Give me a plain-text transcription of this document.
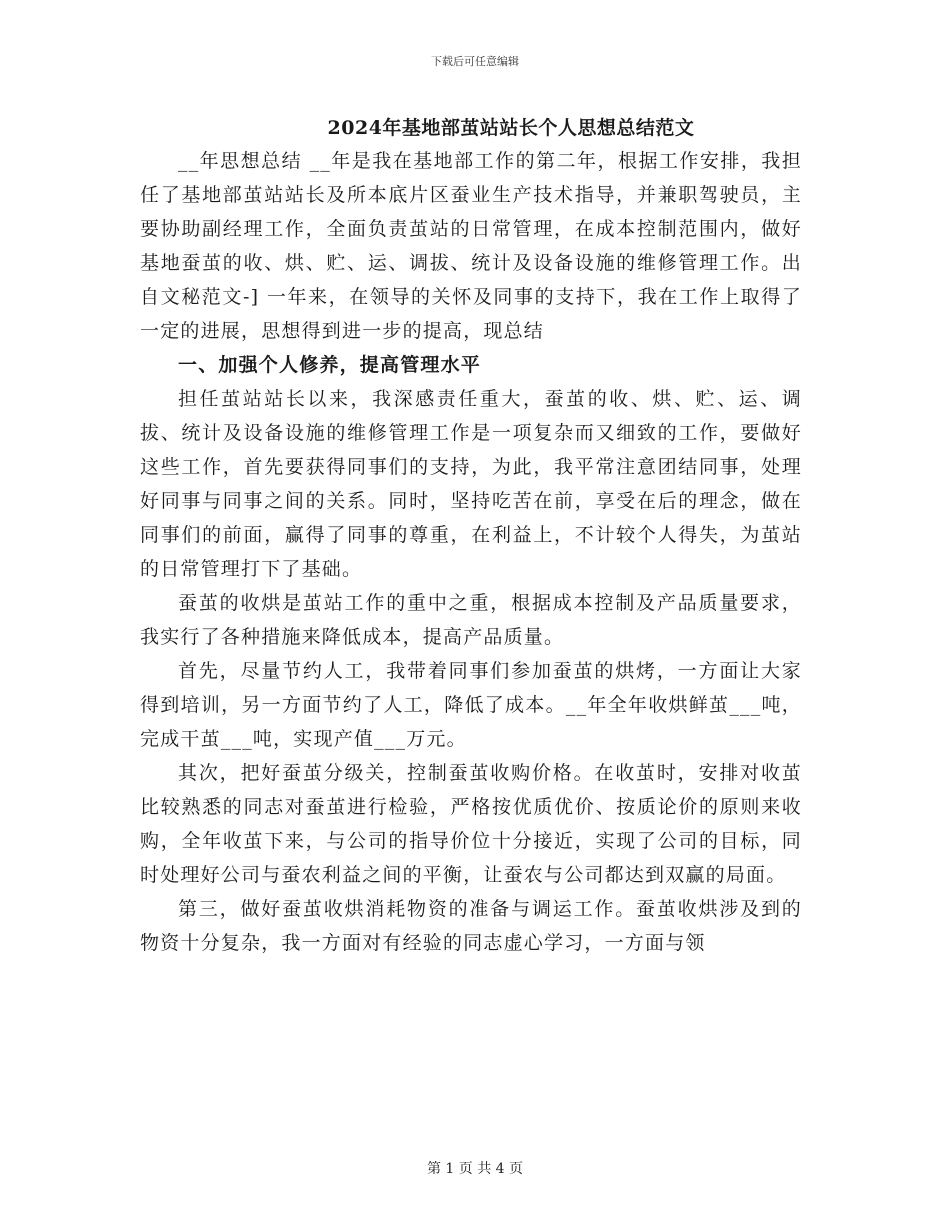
下载后可任意编辑
2024年基地部茧站站长个人思想总结范文

__年思想总结 __年是我在基地部工作的第二年，根据工作安排，我担任了基地部茧站站长及所本底片区蚕业生产技术指导，并兼职驾驶员，主要协助副经理工作，全面负责茧站的日常管理，在成本控制范围内，做好基地蚕茧的收、烘、贮、运、调拔、统计及设备设施的维修管理工作。出自文秘范文-] 一年来，在领导的关怀及同事的支持下，我在工作上取得了一定的进展，思想得到进一步的提高，现总结

一、加强个人修养，提高管理水平

担任茧站站长以来，我深感责任重大，蚕茧的收、烘、贮、运、调拔、统计及设备设施的维修管理工作是一项复杂而又细致的工作，要做好这些工作，首先要获得同事们的支持，为此，我平常注意团结同事，处理好同事与同事之间的关系。同时，坚持吃苦在前，享受在后的理念，做在同事们的前面，赢得了同事的尊重，在利益上，不计较个人得失，为茧站的日常管理打下了基础。

蚕茧的收烘是茧站工作的重中之重，根据成本控制及产品质量要求，我实行了各种措施来降低成本，提高产品质量。

首先，尽量节约人工，我带着同事们参加蚕茧的烘烤，一方面让大家得到培训，另一方面节约了人工，降低了成本。__年全年收烘鲜茧___吨，完成干茧___吨，实现产值___万元。

其次，把好蚕茧分级关，控制蚕茧收购价格。在收茧时，安排对收茧比较熟悉的同志对蚕茧进行检验，严格按优质优价、按质论价的原则来收购，全年收茧下来，与公司的指导价位十分接近，实现了公司的目标，同时处理好公司与蚕农利益之间的平衡，让蚕农与公司都达到双赢的局面。

第三，做好蚕茧收烘消耗物资的准备与调运工作。蚕茧收烘涉及到的物资十分复杂，我一方面对有经验的同志虚心学习，一方面与领

第 1 页 共 4 页
